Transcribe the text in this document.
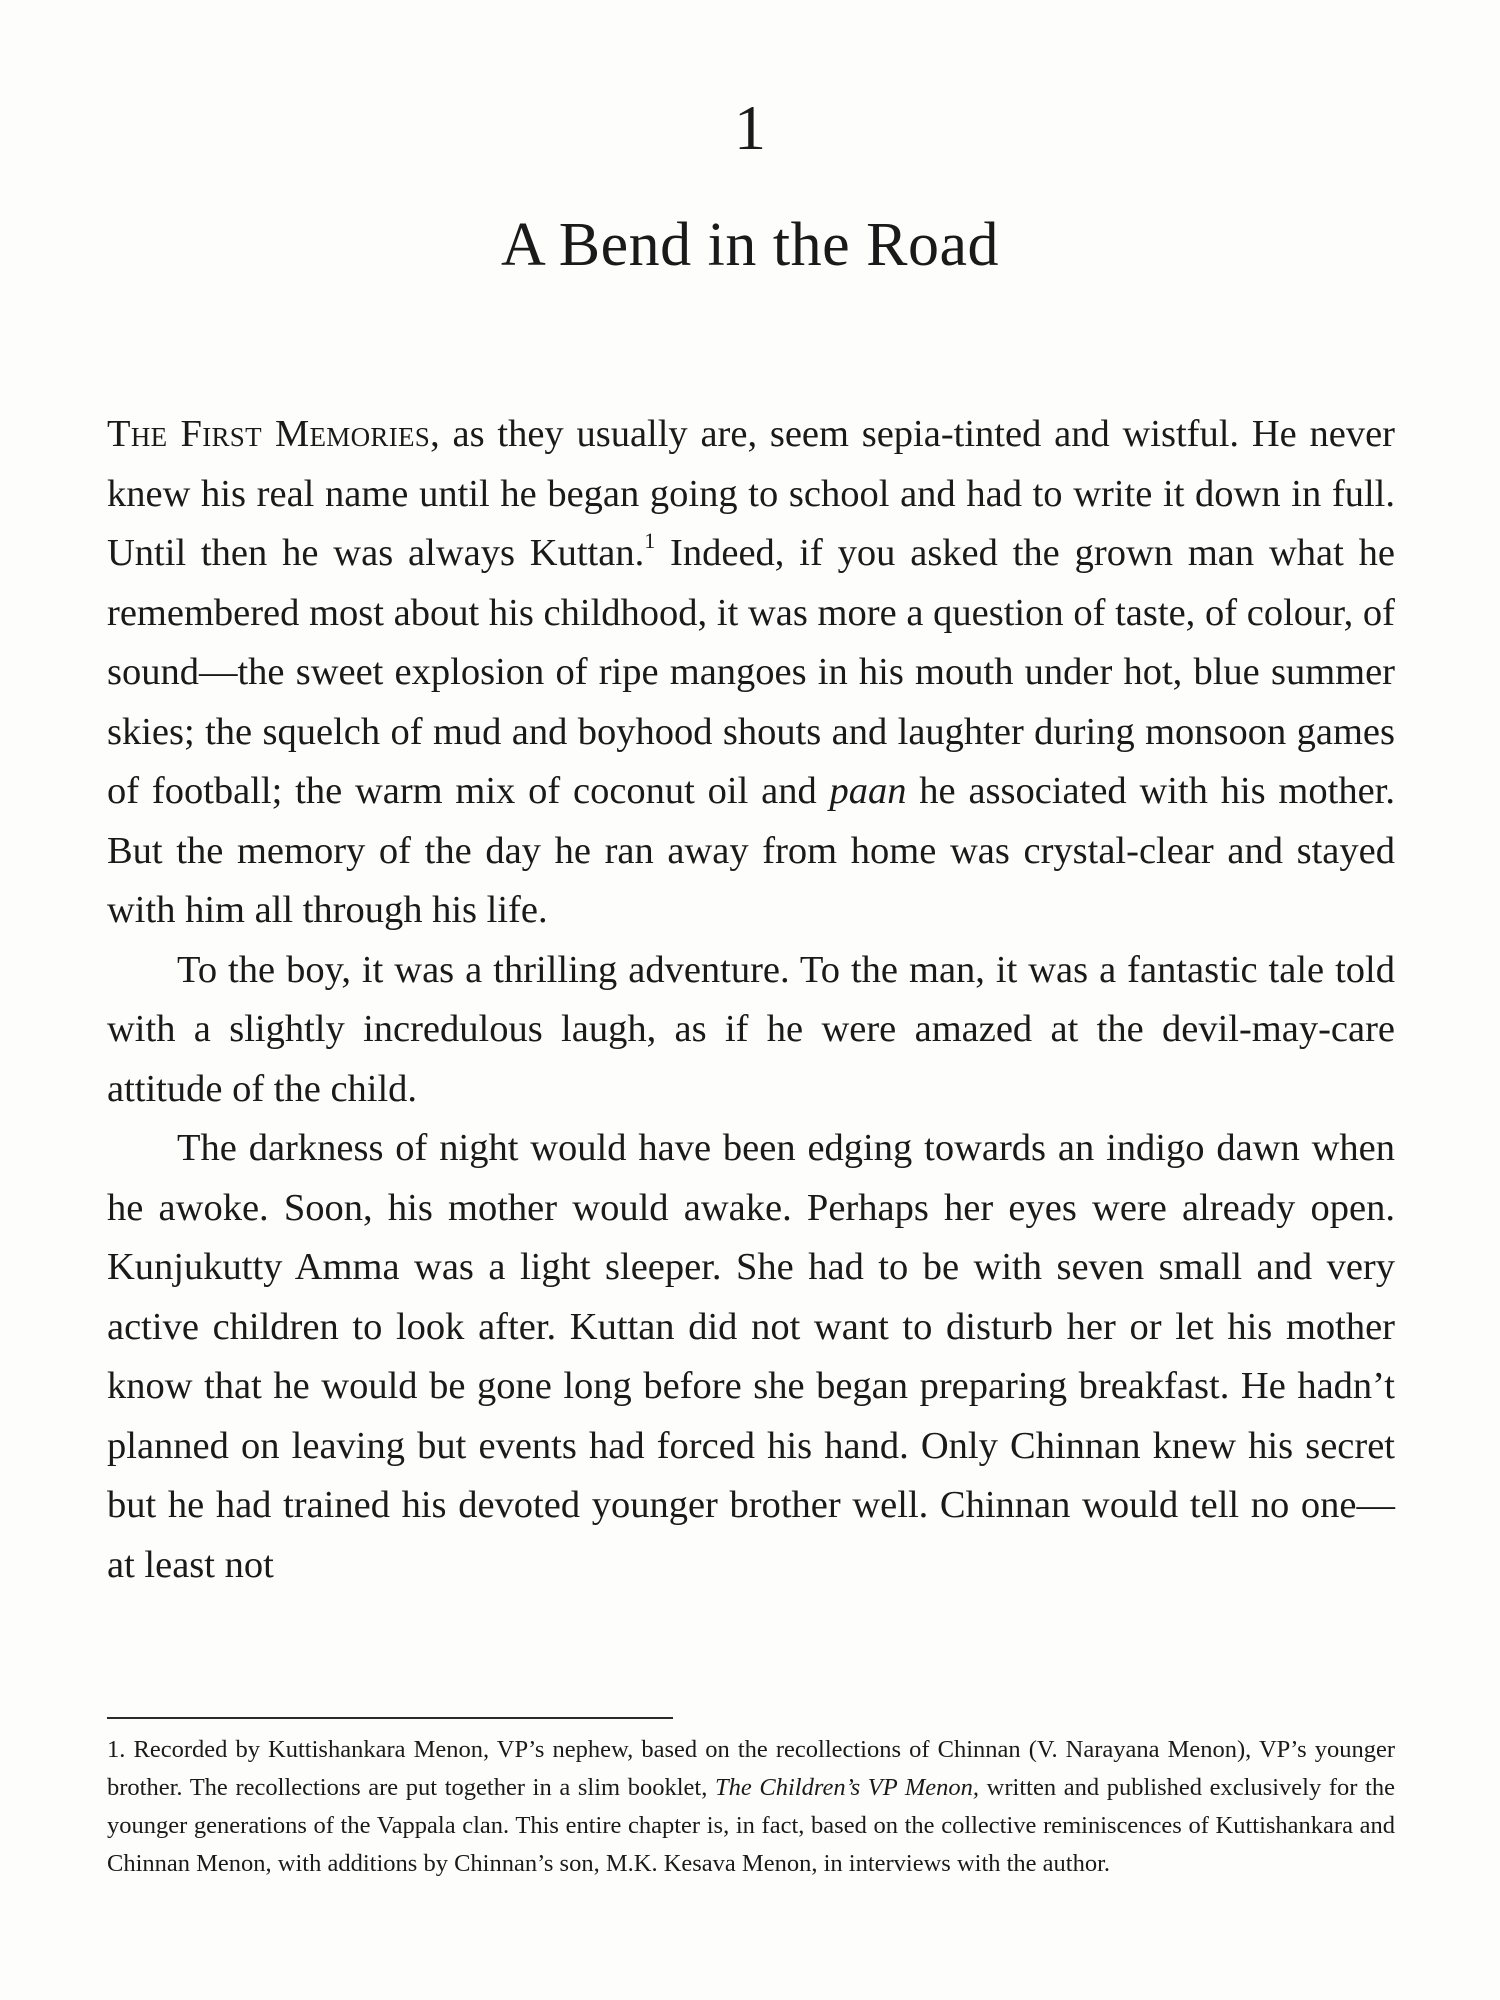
1
A Bend in the Road

The First Memories, as they usually are, seem sepia-tinted and wistful. He never knew his real name until he began going to school and had to write it down in full. Until then he was always Kuttan.$^1$ Indeed, if you asked the grown man what he remembered most about his childhood, it was more a question of taste, of colour, of sound—the sweet explosion of ripe mangoes in his mouth under hot, blue summer skies; the squelch of mud and boyhood shouts and laughter during monsoon games of football; the warm mix of coconut oil and paan he associated with his mother. But the memory of the day he ran away from home was crystal-clear and stayed with him all through his life.

To the boy, it was a thrilling adventure. To the man, it was a fantastic tale told with a slightly incredulous laugh, as if he were amazed at the devil-may-care attitude of the child.

The darkness of night would have been edging towards an indigo dawn when he awoke. Soon, his mother would awake. Perhaps her eyes were already open. Kunjukutty Amma was a light sleeper. She had to be with seven small and very active children to look after. Kuttan did not want to disturb her or let his mother know that he would be gone long before she began preparing breakfast. He hadn’t planned on leaving but events had forced his hand. Only Chinnan knew his secret but he had trained his devoted younger brother well. Chinnan would tell no one—at least not

1. Recorded by Kuttishankara Menon, VP’s nephew, based on the recollections of Chinnan (V. Narayana Menon), VP’s younger brother. The recollections are put together in a slim booklet, The Children’s VP Menon, written and published exclusively for the younger generations of the Vappala clan. This entire chapter is, in fact, based on the collective reminiscences of Kuttishankara and Chinnan Menon, with additions by Chinnan’s son, M.K. Kesava Menon, in interviews with the author.
